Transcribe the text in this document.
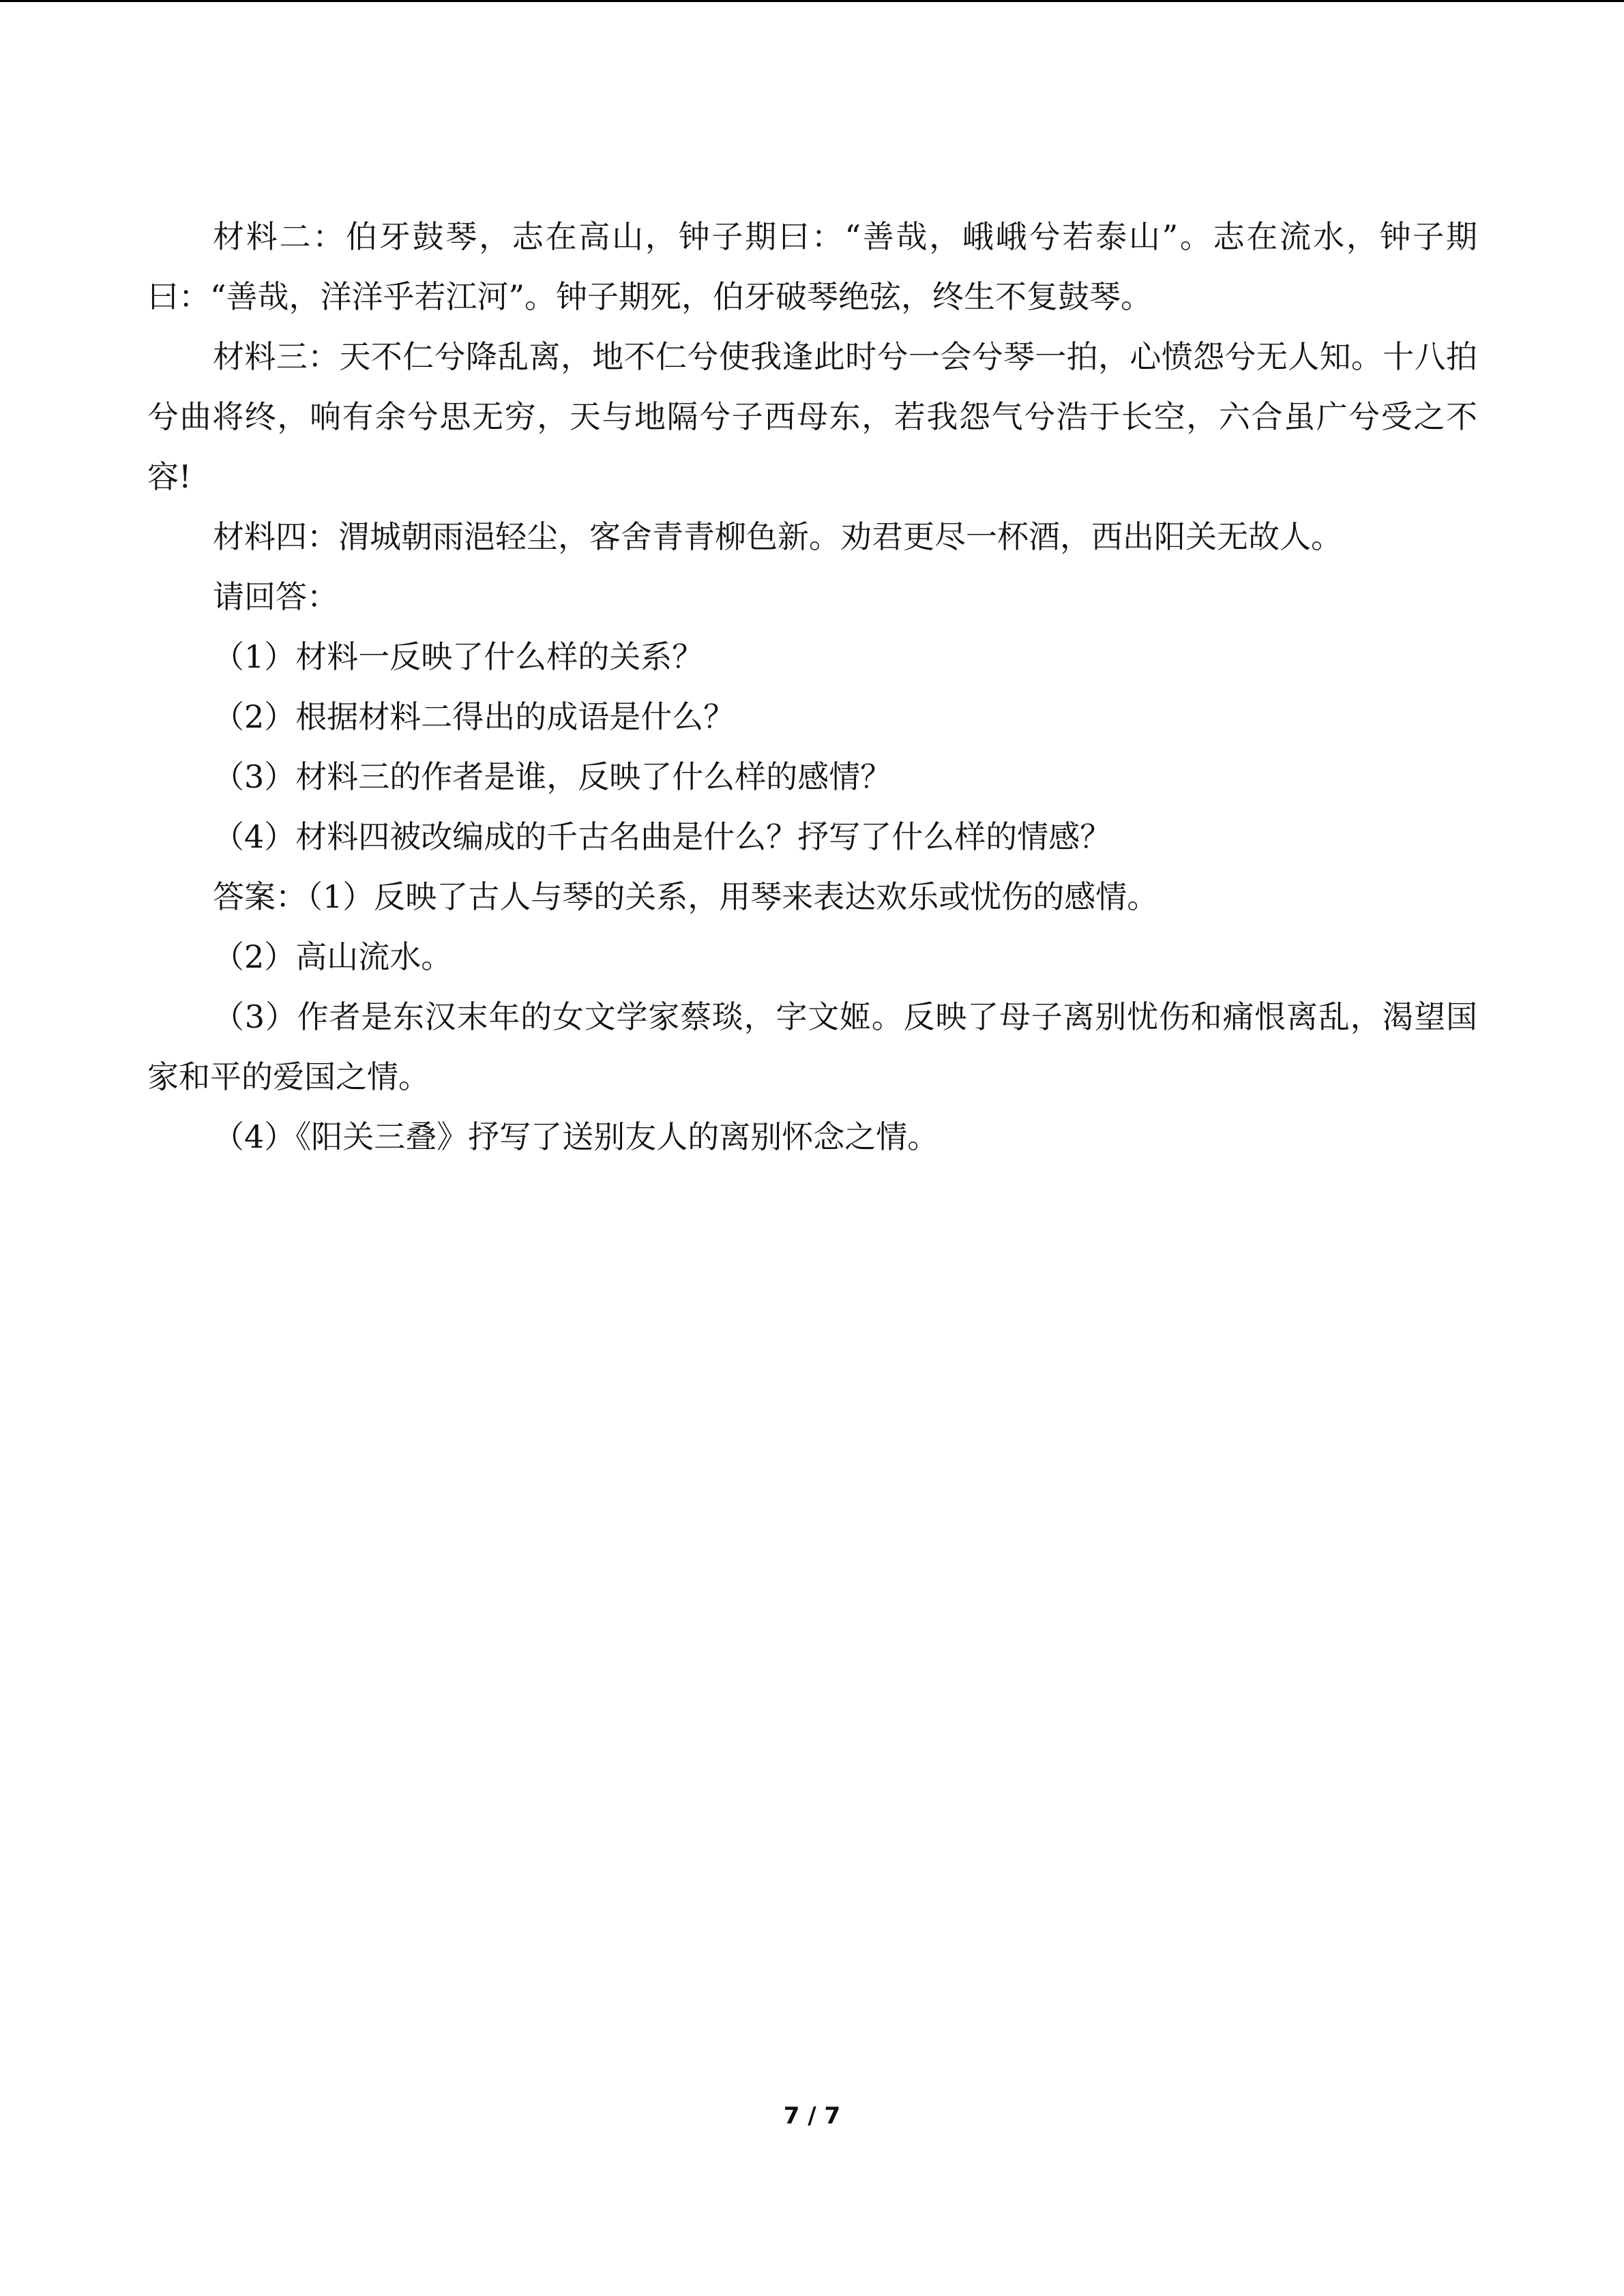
材料二：伯牙鼓琴，志在高山，钟子期曰：“善哉，峨峨兮若泰山”。志在流水，钟子期曰：“善哉，洋洋乎若江河”。钟子期死，伯牙破琴绝弦，终生不复鼓琴。

材料三：天不仁兮降乱离，地不仁兮使我逢此时兮一会兮琴一拍，心愤怨兮无人知。十八拍兮曲将终，响有余兮思无穷，天与地隔兮子西母东，若我怨气兮浩于长空，六合虽广兮受之不容!

材料四：渭城朝雨浥轻尘，客舍青青柳色新。劝君更尽一杯酒，西出阳关无故人。

请回答：

（1）材料一反映了什么样的关系？

（2）根据材料二得出的成语是什么？

（3）材料三的作者是谁，反映了什么样的感情？

（4）材料四被改编成的千古名曲是什么？抒写了什么样的情感？

答案：（1）反映了古人与琴的关系，用琴来表达欢乐或忧伤的感情。

（2）高山流水。

（3）作者是东汉末年的女文学家蔡琰，字文姬。反映了母子离别忧伤和痛恨离乱，渴望国家和平的爱国之情。

（4）《阳关三叠》抒写了送别友人的离别怀念之情。

7 / 7
